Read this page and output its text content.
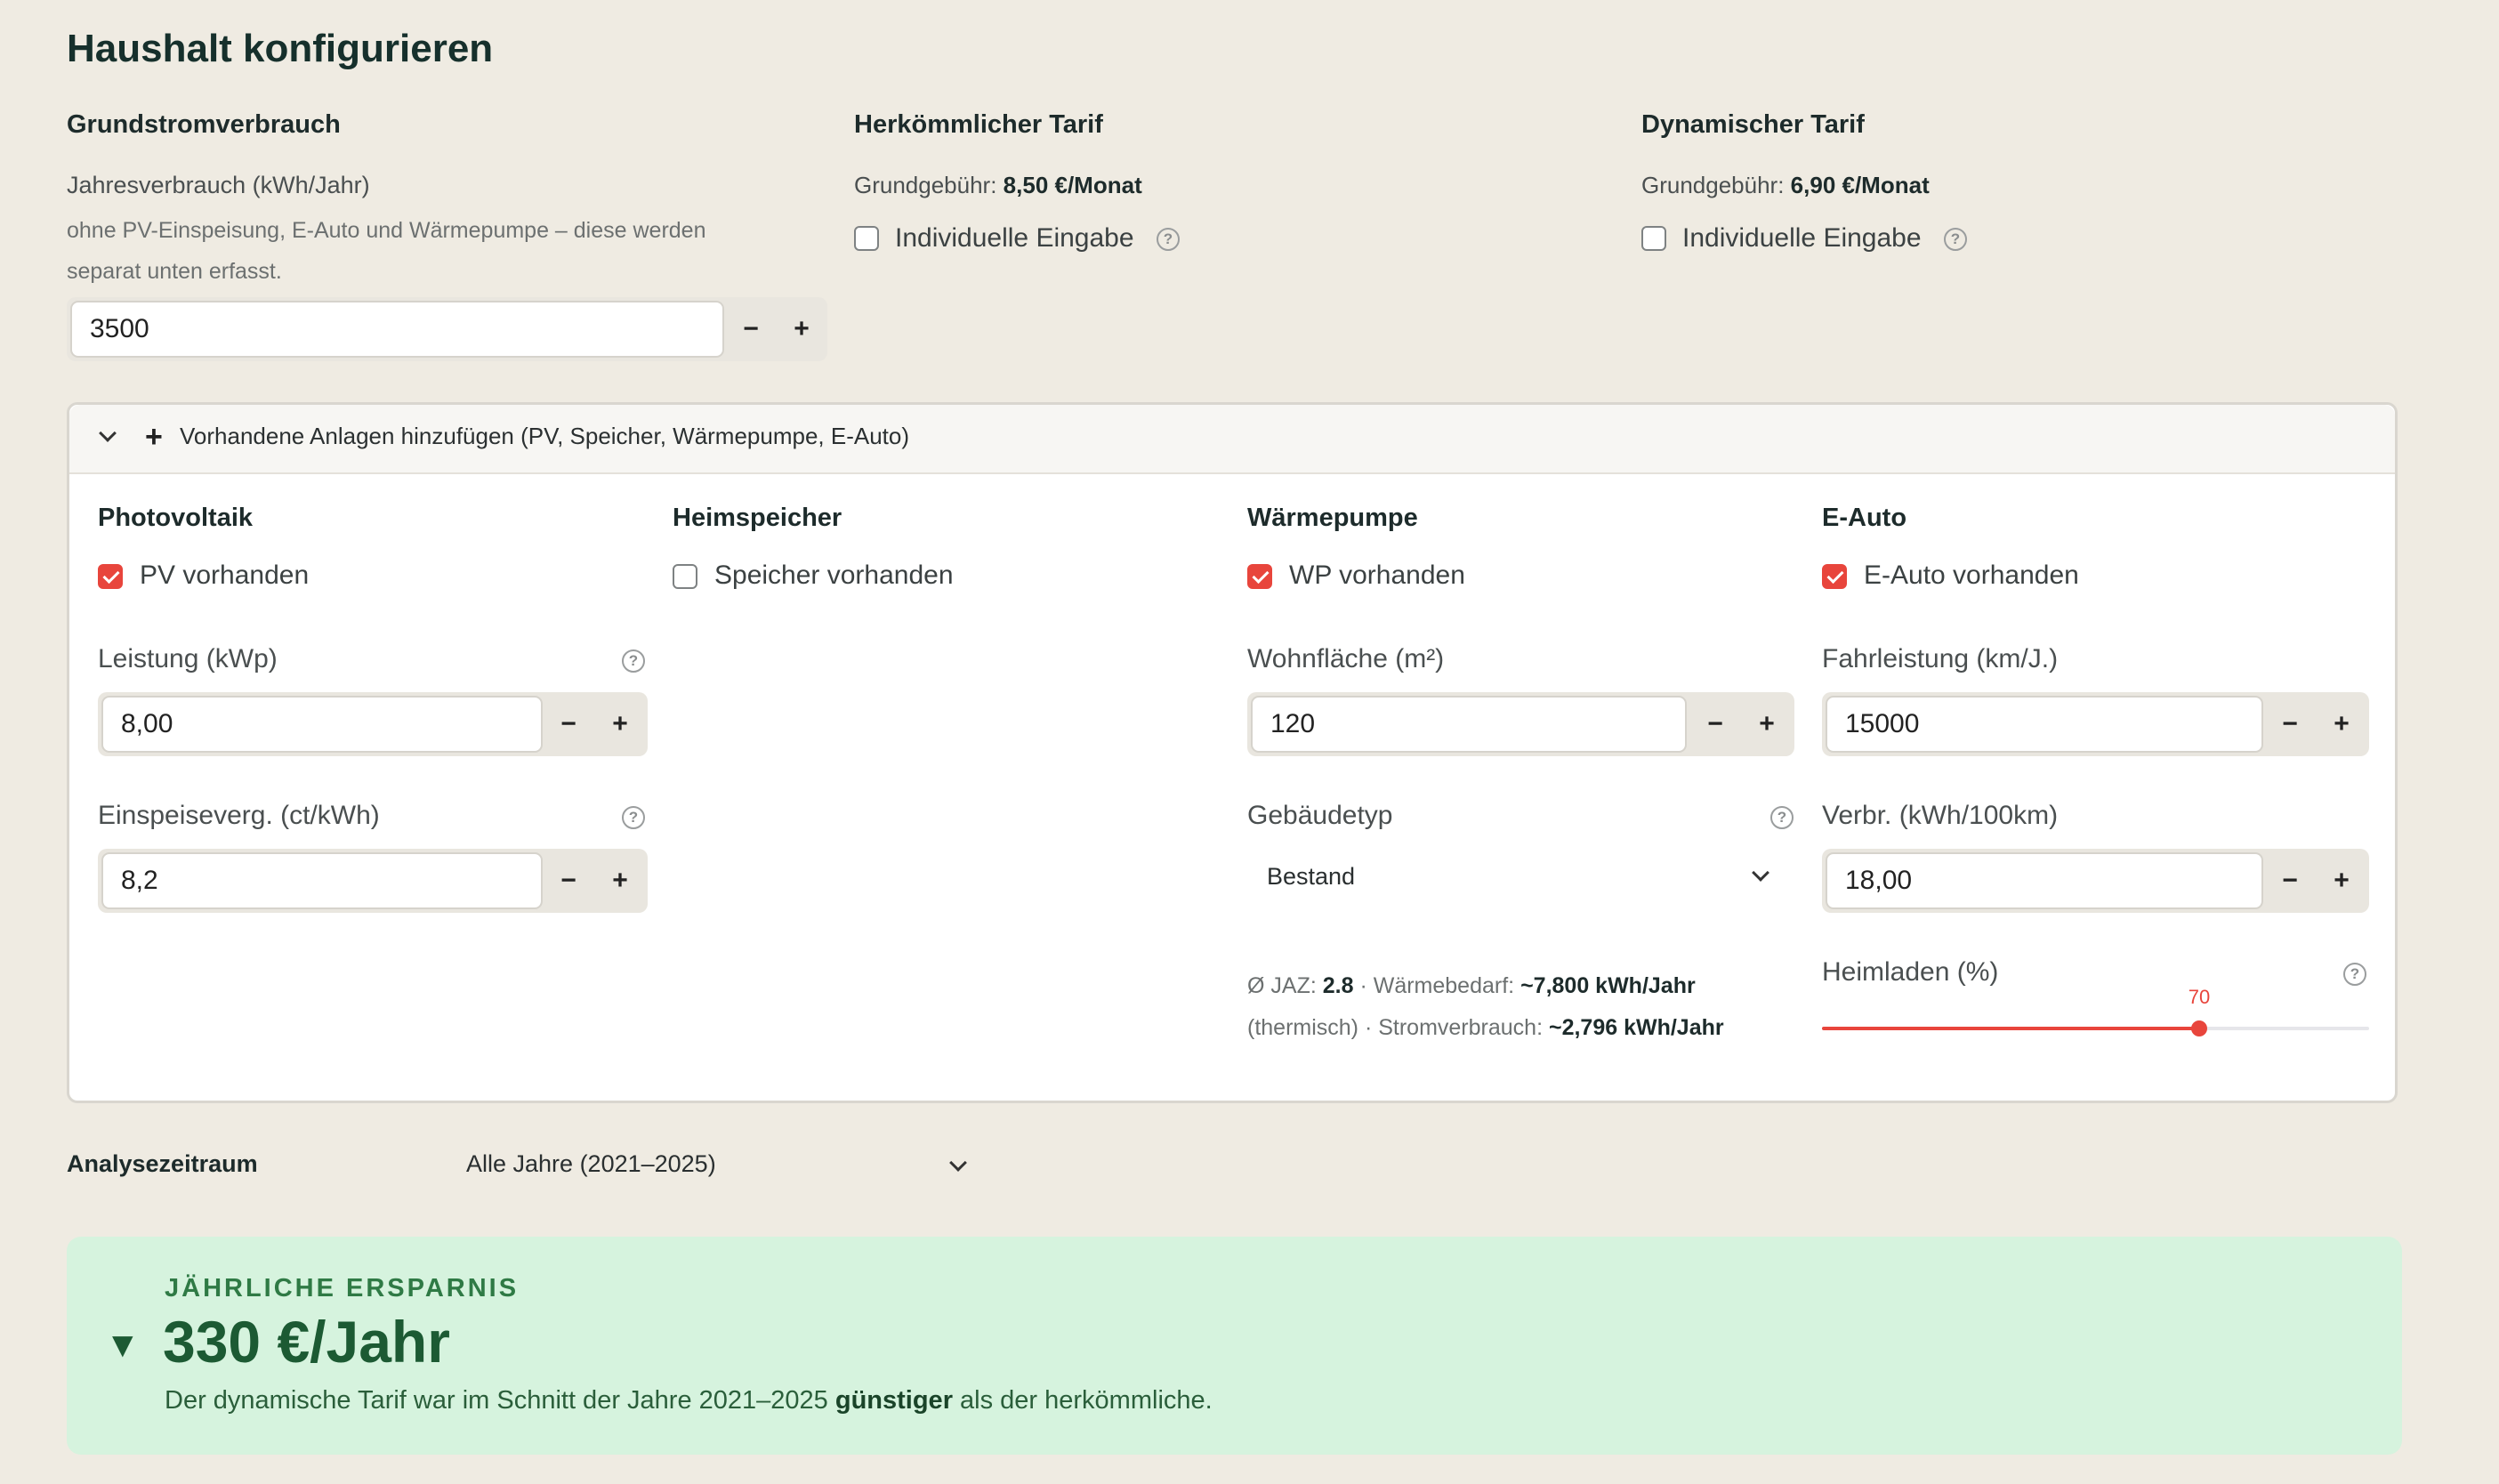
Haushalt konfigurieren
Grundstromverbrauch
Jahresverbrauch (kWh/Jahr)
ohne PV-Einspeisung, E-Auto und Wärmepumpe – diese werden
separat unten erfasst.
3500	−	+
Herkömmlicher Tarif
Grundgebühr: 8,50 €/Monat
Individuelle Eingabe	?
Dynamischer Tarif
Grundgebühr: 6,90 €/Monat
Individuelle Eingabe	?
+ Vorhandene Anlagen hinzufügen (PV, Speicher, Wärmepumpe, E-Auto)
Photovoltaik
PV vorhanden
Leistung (kWp)	?
8,00	−	+
Einspeiseverg. (ct/kWh)	?
8,2	−	+
Heimspeicher
Speicher vorhanden
Wärmepumpe
WP vorhanden
Wohnfläche (m²)
120	−	+
Gebäudetyp	?
Bestand
Ø JAZ: 2.8 · Wärmebedarf: ~7,800 kWh/Jahr
(thermisch) · Stromverbrauch: ~2,796 kWh/Jahr
E-Auto
E-Auto vorhanden
Fahrleistung (km/J.)
15000	−	+
Verbr. (kWh/100km)
18,00	−	+
Heimladen (%)	?
70
Analysezeitraum	Alle Jahre (2021–2025)
JÄHRLICHE ERSPARNIS
▼ 330 €/Jahr
Der dynamische Tarif war im Schnitt der Jahre 2021–2025 günstiger als der herkömmliche.
